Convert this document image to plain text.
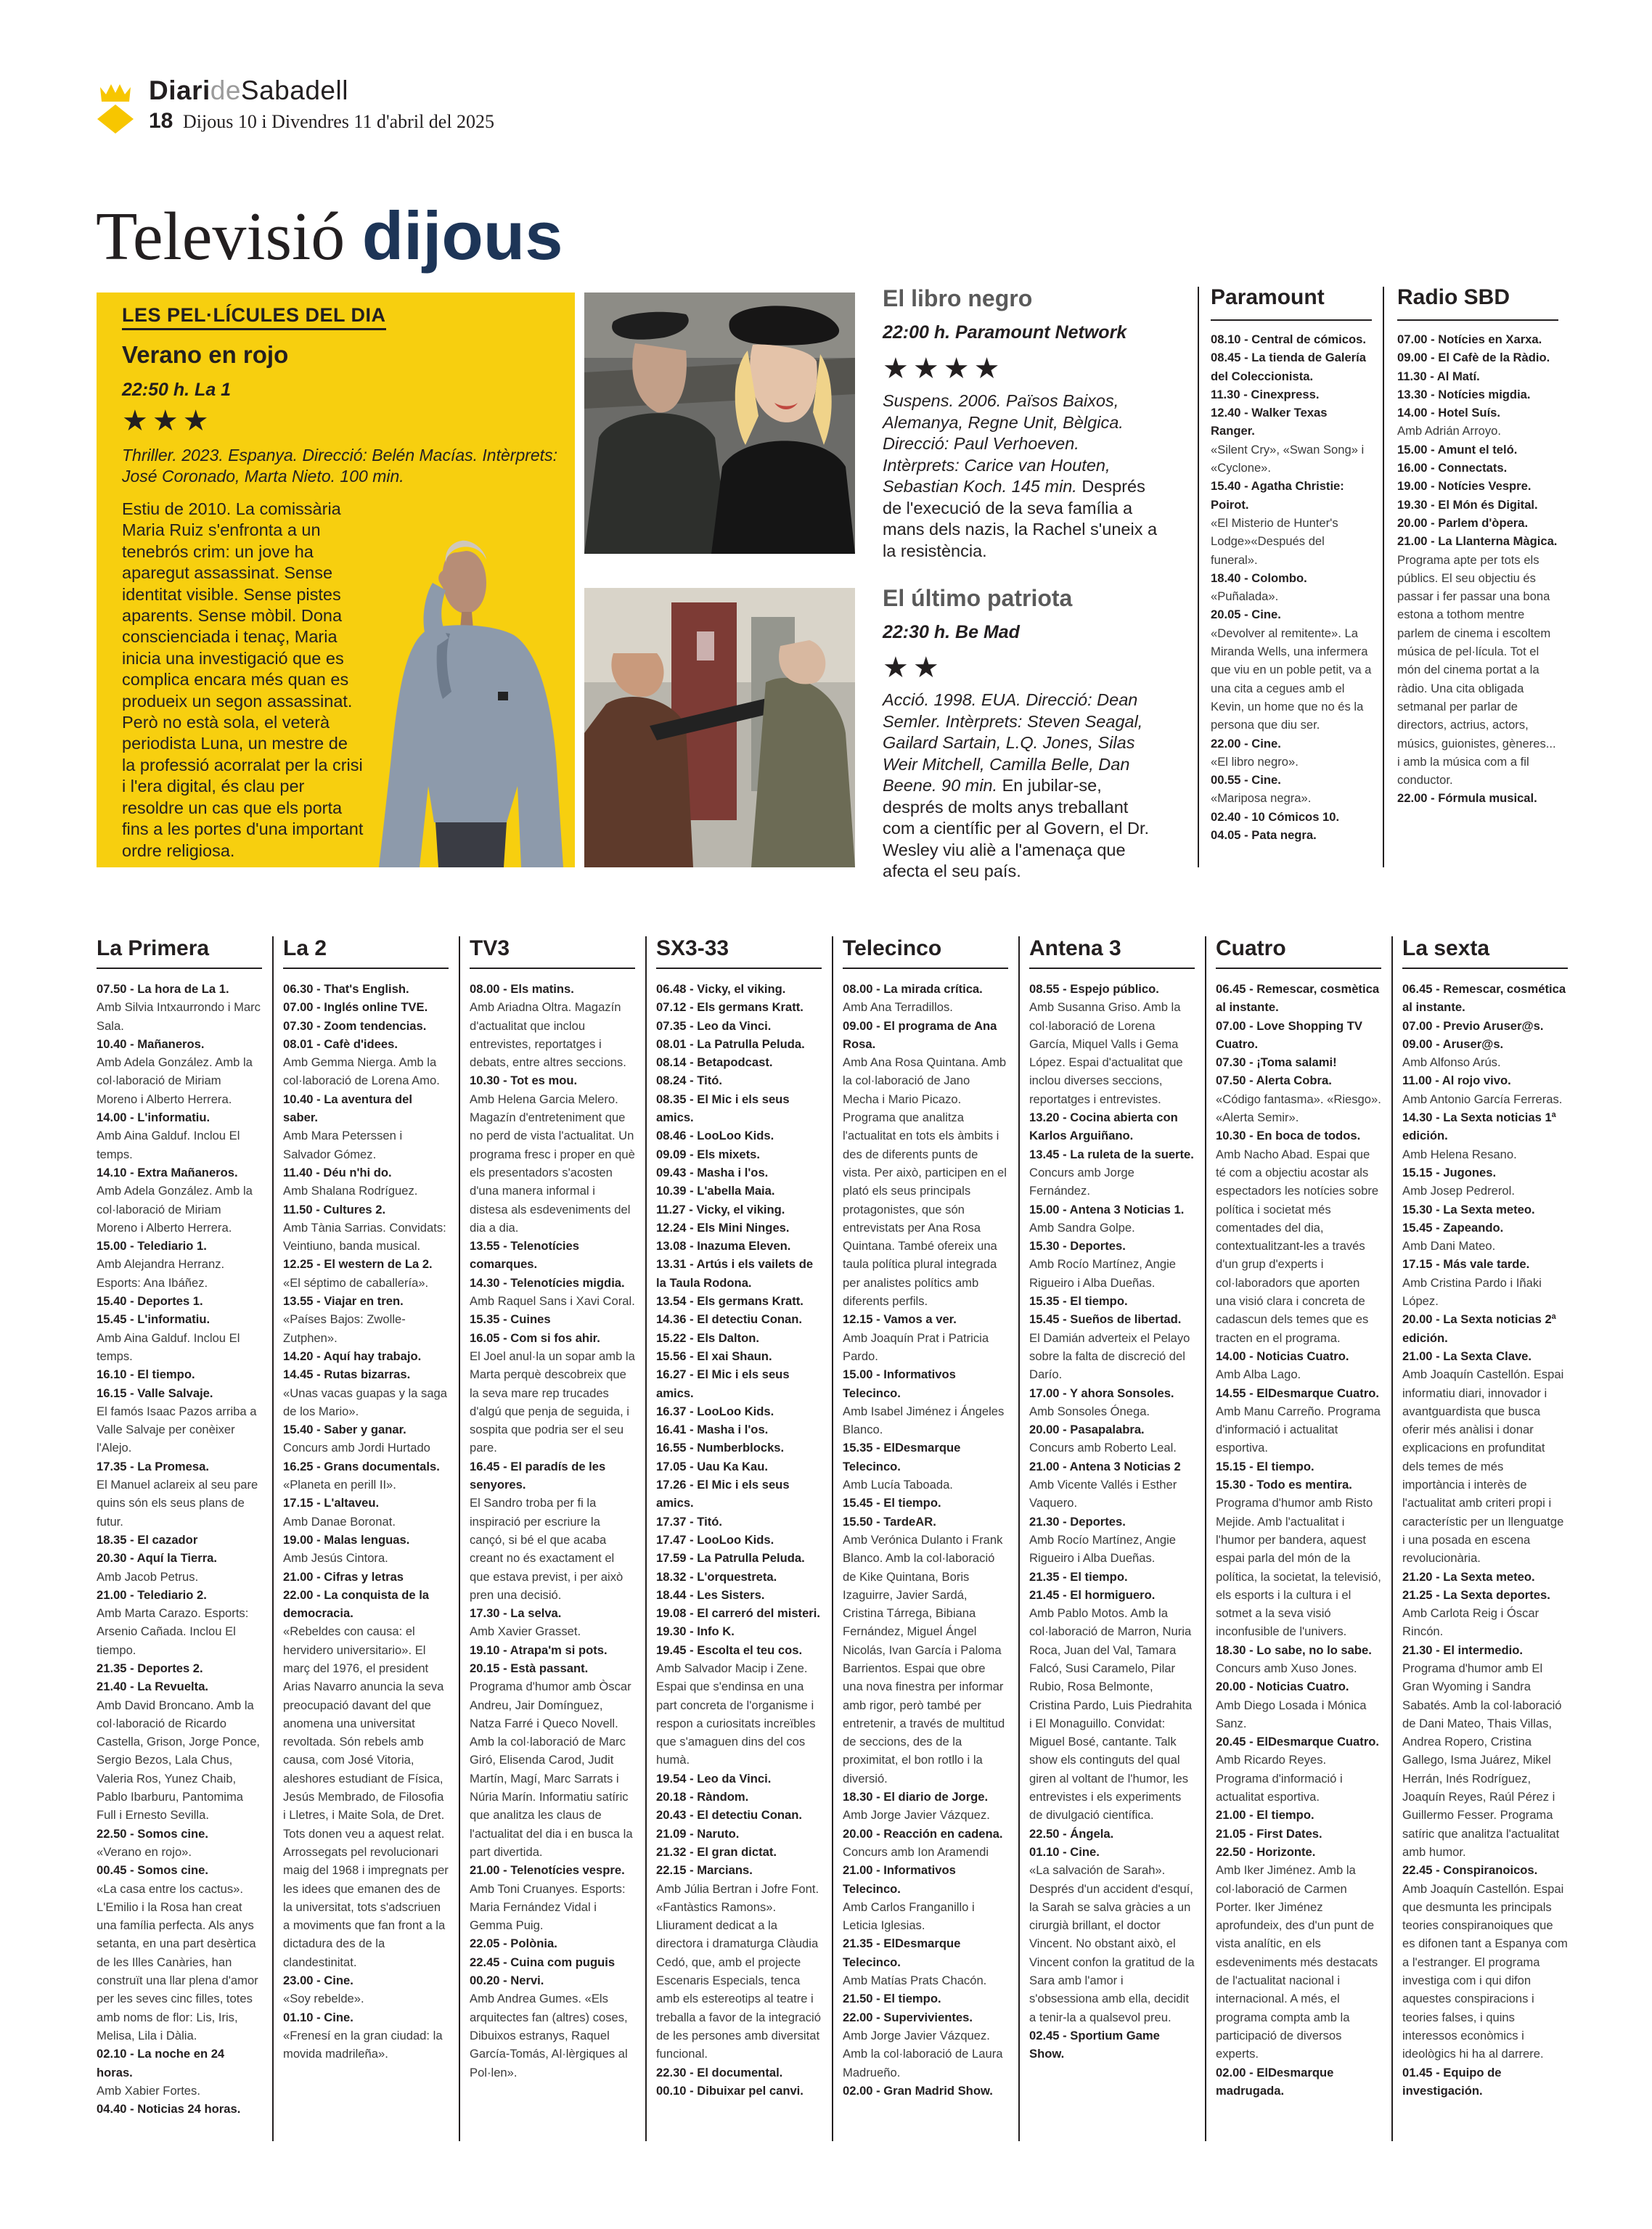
DiarideSabadell
18 Dijous 10 i Divendres 11 d'abril del 2025
Televisió dijous
LES PEL·LÍCULES DEL DIA
Verano en rojo
22:50 h. La 1
★★★
Thriller. 2023. Espanya. Direcció: Belén Macías. Intèrprets: José Coronado, Marta Nieto. 100 min.
Estiu de 2010. La comissària Maria Ruiz s'enfronta a un tenebrós crim: un jove ha aparegut assassinat. Sense identitat visible. Sense pistes aparents. Sense mòbil. Dona conscienciada i tenaç, Maria inicia una investigació que es complica encara més quan es produeix un segon assassinat. Però no està sola, el veterà periodista Luna, un mestre de la professió acorralat per la crisi i l'era digital, és clau per resoldre un cas que els porta fins a les portes d'una important ordre religiosa.
El libro negro
22:00 h. Paramount Network
★★★★
Suspens. 2006. Països Baixos, Alemanya, Regne Unit, Bèlgica. Direcció: Paul Verhoeven. Intèrprets: Carice van Houten, Sebastian Koch. 145 min. Després de l'execució de la seva família a mans dels nazis, la Rachel s'uneix a la resistència.
El último patriota
22:30 h. Be Mad
★★
Acció. 1998. EUA. Direcció: Dean Semler. Intèrprets: Steven Seagal, Gailard Sartain, L.Q. Jones, Silas Weir Mitchell, Camilla Belle, Dan Beene. 90 min. En jubilar-se, després de molts anys treballant com a científic per al Govern, el Dr. Wesley viu aliè a l'amenaça que afecta el seu país.
Paramount	Radio SBD
08.10 - Central de cómicos.
08.45 - La tienda de Galería del Coleccionista.
11.30 - Cinexpress.
12.40 - Walker Texas Ranger.
«Silent Cry», «Swan Song» i «Cyclone».
15.40 - Agatha Christie: Poirot.
«El Misterio de Hunter's Lodge»«Después del funeral».
18.40 - Colombo.
«Puñalada».
20.05 - Cine.
«Devolver al remitente». La Miranda Wells, una infermera que viu en un poble petit, va a una cita a cegues amb el Kevin, un home que no és la persona que diu ser.
22.00 - Cine.
«El libro negro».
00.55 - Cine.
«Mariposa negra».
02.40 - 10 Cómicos 10.
04.05 - Pata negra.
07.00 - Notícies en Xarxa.
09.00 - El Cafè de la Ràdio.
11.30 - Al Matí.
13.30 - Notícies migdia.
14.00 - Hotel Suís.
Amb Adrián Arroyo.
15.00 - Amunt el teló.
16.00 - Connectats.
19.00 - Notícies Vespre.
19.30 - El Món és Digital.
20.00 - Parlem d'òpera.
21.00 - La Llanterna Màgica.
Programa apte per tots els públics. El seu objectiu és passar i fer passar una bona estona a tothom mentre parlem de cinema i escoltem música de pel·lícula. Tot el món del cinema portat a la ràdio. Una cita obligada setmanal per parlar de directors, actrius, actors, músics, guionistes, gèneres... i amb la música com a fil conductor.
22.00 - Fórmula musical.
La Primera
07.50 - La hora de La 1.
Amb Silvia Intxaurrondo i Marc Sala.
10.40 - Mañaneros.
Amb Adela González. Amb la col·laboració de Miriam Moreno i Alberto Herrera.
14.00 - L'informatiu.
Amb Aina Galduf. Inclou El temps.
14.10 - Extra Mañaneros.
Amb Adela González. Amb la col·laboració de Miriam Moreno i Alberto Herrera.
15.00 - Telediario 1.
Amb Alejandra Herranz. Esports: Ana Ibáñez.
15.40 - Deportes 1.
15.45 - L'informatiu.
Amb Aina Galduf. Inclou El temps.
16.10 - El tiempo.
16.15 - Valle Salvaje.
El famós Isaac Pazos arriba a Valle Salvaje per conèixer l'Alejo.
17.35 - La Promesa.
El Manuel aclareix al seu pare quins són els seus plans de futur.
18.35 - El cazador
20.30 - Aquí la Tierra.
Amb Jacob Petrus.
21.00 - Telediario 2.
Amb Marta Carazo. Esports: Arsenio Cañada. Inclou El tiempo.
21.35 - Deportes 2.
21.40 - La Revuelta.
Amb David Broncano. Amb la col·laboració de Ricardo Castella, Grison, Jorge Ponce, Sergio Bezos, Lala Chus, Valeria Ros, Yunez Chaib, Pablo Ibarburu, Pantomima Full i Ernesto Sevilla.
22.50 - Somos cine.
«Verano en rojo».
00.45 - Somos cine.
«La casa entre los cactus». L'Emilio i la Rosa han creat una família perfecta. Als anys setanta, en una part desèrtica de les Illes Canàries, han construït una llar plena d'amor per les seves cinc filles, totes amb noms de flor: Lis, Iris, Melisa, Lila i Dàlia.
02.10 - La noche en 24 horas.
Amb Xabier Fortes.
04.40 - Noticias 24 horas.
La 2
06.30 - That's English.
07.00 - Inglés online TVE.
07.30 - Zoom tendencias.
08.01 - Cafè d'idees.
Amb Gemma Nierga. Amb la col·laboració de Lorena Amo.
10.40 - La aventura del saber.
Amb Mara Peterssen i Salvador Gómez.
11.40 - Déu n'hi do.
Amb Shalana Rodríguez.
11.50 - Cultures 2.
Amb Tània Sarrias. Convidats: Veintiuno, banda musical.
12.25 - El western de La 2.
«El séptimo de caballería».
13.55 - Viajar en tren.
«Países Bajos: Zwolle-Zutphen».
14.20 - Aquí hay trabajo.
14.45 - Rutas bizarras.
«Unas vacas guapas y la saga de los Mario».
15.40 - Saber y ganar.
Concurs amb Jordi Hurtado
16.25 - Grans documentals.
«Planeta en perill II».
17.15 - L'altaveu.
Amb Danae Boronat.
19.00 - Malas lenguas.
Amb Jesús Cintora.
21.00 - Cifras y letras
22.00 - La conquista de la democracia.
«Rebeldes con causa: el hervidero universitario». El març del 1976, el president Arias Navarro anuncia la seva preocupació davant del que anomena una universitat revoltada. Són rebels amb causa, com José Vitoria, aleshores estudiant de Física, Jesús Membrado, de Filosofia i Lletres, i Maite Sola, de Dret. Tots donen veu a aquest relat. Arrossegats pel revolucionari maig del 1968 i impregnats per les idees que emanen des de la universitat, tots s'adscriuen a moviments que fan front a la dictadura des de la clandestinitat.
23.00 - Cine.
«Soy rebelde».
01.10 - Cine.
«Frenesí en la gran ciudad: la movida madrileña».
TV3
08.00 - Els matins.
Amb Ariadna Oltra. Magazín d'actualitat que inclou entrevistes, reportatges i debats, entre altres seccions.
10.30 - Tot es mou.
Amb Helena Garcia Melero. Magazín d'entreteniment que no perd de vista l'actualitat. Un programa fresc i proper en què els presentadors s'acosten d'una manera informal i distesa als esdeveniments del dia a dia.
13.55 - Telenotícies comarques.
14.30 - Telenotícies migdia.
Amb Raquel Sans i Xavi Coral.
15.35 - Cuines
16.05 - Com si fos ahir.
El Joel anul·la un sopar amb la Marta perquè descobreix que la seva mare rep trucades d'algú que penja de seguida, i sospita que podria ser el seu pare.
16.45 - El paradís de les senyores.
El Sandro troba per fi la inspiració per escriure la cançó, si bé el que acaba creant no és exactament el que estava previst, i per això pren una decisió.
17.30 - La selva.
Amb Xavier Grasset.
19.10 - Atrapa'm si pots.
20.15 - Està passant.
Programa d'humor amb Òscar Andreu, Jair Domínguez, Natza Farré i Queco Novell. Amb la col·laboració de Marc Giró, Elisenda Carod, Judit Martín, Magí, Marc Sarrats i Núria Marín. Informatiu satíric que analitza les claus de l'actualitat del dia i en busca la part divertida.
21.00 - Telenotícies vespre.
Amb Toni Cruanyes. Esports: Maria Fernández Vidal i Gemma Puig.
22.05 - Polònia.
22.45 - Cuina com puguis
00.20 - Nervi.
Amb Andrea Gumes. «Els arquitectes fan (altres) coses, Dibuixos estranys, Raquel García-Tomás, Al·lèrgiques al Pol·len».
SX3-33
06.48 - Vicky, el viking.
07.12 - Els germans Kratt.
07.35 - Leo da Vinci.
08.01 - La Patrulla Peluda.
08.14 - Betapodcast.
08.24 - Titó.
08.35 - El Mic i els seus amics.
08.46 - LooLoo Kids.
09.09 - Els mixets.
09.43 - Masha i l'os.
10.39 - L'abella Maia.
11.27 - Vicky, el viking.
12.24 - Els Mini Ninges.
13.08 - Inazuma Eleven.
13.31 - Artús i els vailets de la Taula Rodona.
13.54 - Els germans Kratt.
14.36 - El detectiu Conan.
15.22 - Els Dalton.
15.56 - El xai Shaun.
16.27 - El Mic i els seus amics.
16.37 - LooLoo Kids.
16.41 - Masha i l'os.
16.55 - Numberblocks.
17.05 - Uau Ka Kau.
17.26 - El Mic i els seus amics.
17.37 - Titó.
17.47 - LooLoo Kids.
17.59 - La Patrulla Peluda.
18.32 - L'orquestreta.
18.44 - Les Sisters.
19.08 - El carreró del misteri.
19.30 - Info K.
19.45 - Escolta el teu cos.
Amb Salvador Macip i Zene. Espai que s'endinsa en una part concreta de l'organisme i respon a curiositats increïbles que s'amaguen dins del cos humà.
19.54 - Leo da Vinci.
20.18 - Ràndom.
20.43 - El detectiu Conan.
21.09 - Naruto.
21.32 - El gran dictat.
22.15 - Marcians.
Amb Júlia Bertran i Jofre Font. «Fantàstics Ramons». Lliurament dedicat a la directora i dramaturga Clàudia Cedó, que, amb el projecte Escenaris Especials, tenca amb els estereotips al teatre i treballa a favor de la integració de les persones amb diversitat funcional.
22.30 - El documental.
00.10 - Dibuixar pel canvi.
Telecinco
08.00 - La mirada crítica.
Amb Ana Terradillos.
09.00 - El programa de Ana Rosa.
Amb Ana Rosa Quintana. Amb la col·laboració de Jano Mecha i Mario Picazo. Programa que analitza l'actualitat en tots els àmbits i des de diferents punts de vista. Per això, participen en el plató els seus principals protagonistes, que són entrevistats per Ana Rosa Quintana. També ofereix una taula política plural integrada per analistes polítics amb diferents perfils.
12.15 - Vamos a ver.
Amb Joaquín Prat i Patricia Pardo.
15.00 - Informativos Telecinco.
Amb Isabel Jiménez i Ángeles Blanco.
15.35 - ElDesmarque Telecinco.
Amb Lucía Taboada.
15.45 - El tiempo.
15.50 - TardeAR.
Amb Verónica Dulanto i Frank Blanco. Amb la col·laboració de Kike Quintana, Boris Izaguirre, Javier Sardá, Cristina Tárrega, Bibiana Fernández, Miguel Ángel Nicolás, Ivan García i Paloma Barrientos. Espai que obre una nova finestra per informar amb rigor, però també per entretenir, a través de multitud de seccions, des de la proximitat, el bon rotllo i la diversió.
18.30 - El diario de Jorge.
Amb Jorge Javier Vázquez.
20.00 - Reacción en cadena.
Concurs amb Ion Aramendi
21.00 - Informativos Telecinco.
Amb Carlos Franganillo i Leticia Iglesias.
21.35 - ElDesmarque Telecinco.
Amb Matías Prats Chacón.
21.50 - El tiempo.
22.00 - Supervivientes.
Amb Jorge Javier Vázquez. Amb la col·laboració de Laura Madrueño.
02.00 - Gran Madrid Show.
Antena 3
08.55 - Espejo público.
Amb Susanna Griso. Amb la col·laboració de Lorena García, Miquel Valls i Gema López. Espai d'actualitat que inclou diverses seccions, reportatges i entrevistes.
13.20 - Cocina abierta con Karlos Arguiñano.
13.45 - La ruleta de la suerte.
Concurs amb Jorge Fernández.
15.00 - Antena 3 Noticias 1.
Amb Sandra Golpe.
15.30 - Deportes.
Amb Rocío Martínez, Angie Rigueiro i Alba Dueñas.
15.35 - El tiempo.
15.45 - Sueños de libertad.
El Damián adverteix el Pelayo sobre la falta de discreció del Darío.
17.00 - Y ahora Sonsoles.
Amb Sonsoles Ónega.
20.00 - Pasapalabra.
Concurs amb Roberto Leal.
21.00 - Antena 3 Noticias 2
Amb Vicente Vallés i Esther Vaquero.
21.30 - Deportes.
Amb Rocío Martínez, Angie Rigueiro i Alba Dueñas.
21.35 - El tiempo.
21.45 - El hormiguero.
Amb Pablo Motos. Amb la col·laboració de Marron, Nuria Roca, Juan del Val, Tamara Falcó, Susi Caramelo, Pilar Rubio, Rosa Belmonte, Cristina Pardo, Luis Piedrahita i El Monaguillo. Convidat: Miguel Bosé, cantante. Talk show els continguts del qual giren al voltant de l'humor, les entrevistes i els experiments de divulgació científica.
22.50 - Ángela.
01.10 - Cine.
«La salvación de Sarah». Després d'un accident d'esquí, la Sarah se salva gràcies a un cirurgià brillant, el doctor Vincent. No obstant això, el Vincent confon la gratitud de la Sara amb l'amor i s'obsessiona amb ella, decidit a tenir-la a qualsevol preu.
02.45 - Sportium Game Show.
Cuatro
06.45 - Remescar, cosmètica al instante.
07.00 - Love Shopping TV Cuatro.
07.30 - ¡Toma salami!
07.50 - Alerta Cobra.
«Código fantasma». «Riesgo». «Alerta Semir».
10.30 - En boca de todos.
Amb Nacho Abad. Espai que té com a objectiu acostar als espectadors les notícies sobre política i societat més comentades del dia, contextualitzant-les a través d'un grup d'experts i col·laboradors que aporten una visió clara i concreta de cadascun dels temes que es tracten en el programa.
14.00 - Noticias Cuatro.
Amb Alba Lago.
14.55 - ElDesmarque Cuatro.
Amb Manu Carreño. Programa d'informació i actualitat esportiva.
15.15 - El tiempo.
15.30 - Todo es mentira.
Programa d'humor amb Risto Mejide. Amb l'actualitat i l'humor per bandera, aquest espai parla del món de la política, la societat, la televisió, els esports i la cultura i el sotmet a la seva visió inconfusible de l'univers.
18.30 - Lo sabe, no lo sabe.
Concurs amb Xuso Jones.
20.00 - Noticias Cuatro.
Amb Diego Losada i Mónica Sanz.
20.45 - ElDesmarque Cuatro.
Amb Ricardo Reyes. Programa d'informació i actualitat esportiva.
21.00 - El tiempo.
21.05 - First Dates.
22.50 - Horizonte.
Amb Iker Jiménez. Amb la col·laboració de Carmen Porter. Iker Jiménez aprofundeix, des d'un punt de vista analític, en els esdeveniments més destacats de l'actualitat nacional i internacional. A més, el programa compta amb la participació de diversos experts.
02.00 - ElDesmarque madrugada.
La sexta
06.45 - Remescar, cosmética al instante.
07.00 - Previo Aruser@s.
09.00 - Aruser@s.
Amb Alfonso Arús.
11.00 - Al rojo vivo.
Amb Antonio García Ferreras.
14.30 - La Sexta noticias 1ª edición.
Amb Helena Resano.
15.15 - Jugones.
Amb Josep Pedrerol.
15.30 - La Sexta meteo.
15.45 - Zapeando.
Amb Dani Mateo.
17.15 - Más vale tarde.
Amb Cristina Pardo i Iñaki López.
20.00 - La Sexta noticias 2ª edición.
21.00 - La Sexta Clave.
Amb Joaquín Castellón. Espai informatiu diari, innovador i avantguardista que busca oferir més anàlisi i donar explicacions en profunditat dels temes de més importància i interès de l'actualitat amb criteri propi i característic per un llenguatge i una posada en escena revolucionària.
21.20 - La Sexta meteo.
21.25 - La Sexta deportes.
Amb Carlota Reig i Óscar Rincón.
21.30 - El intermedio.
Programa d'humor amb El Gran Wyoming i Sandra Sabatés. Amb la col·laboració de Dani Mateo, Thais Villas, Andrea Ropero, Cristina Gallego, Isma Juárez, Mikel Herrán, Inés Rodríguez, Joaquín Reyes, Raúl Pérez i Guillermo Fesser. Programa satíric que analitza l'actualitat amb humor.
22.45 - Conspiranoicos.
Amb Joaquín Castellón. Espai que desmunta les principals teories conspiranoiques que es difonen tant a Espanya com a l'estranger. El programa investiga com i qui difon aquestes conspiracions i teories falses, i quins interessos econòmics i ideològics hi ha al darrere.
01.45 - Equipo de investigación.
